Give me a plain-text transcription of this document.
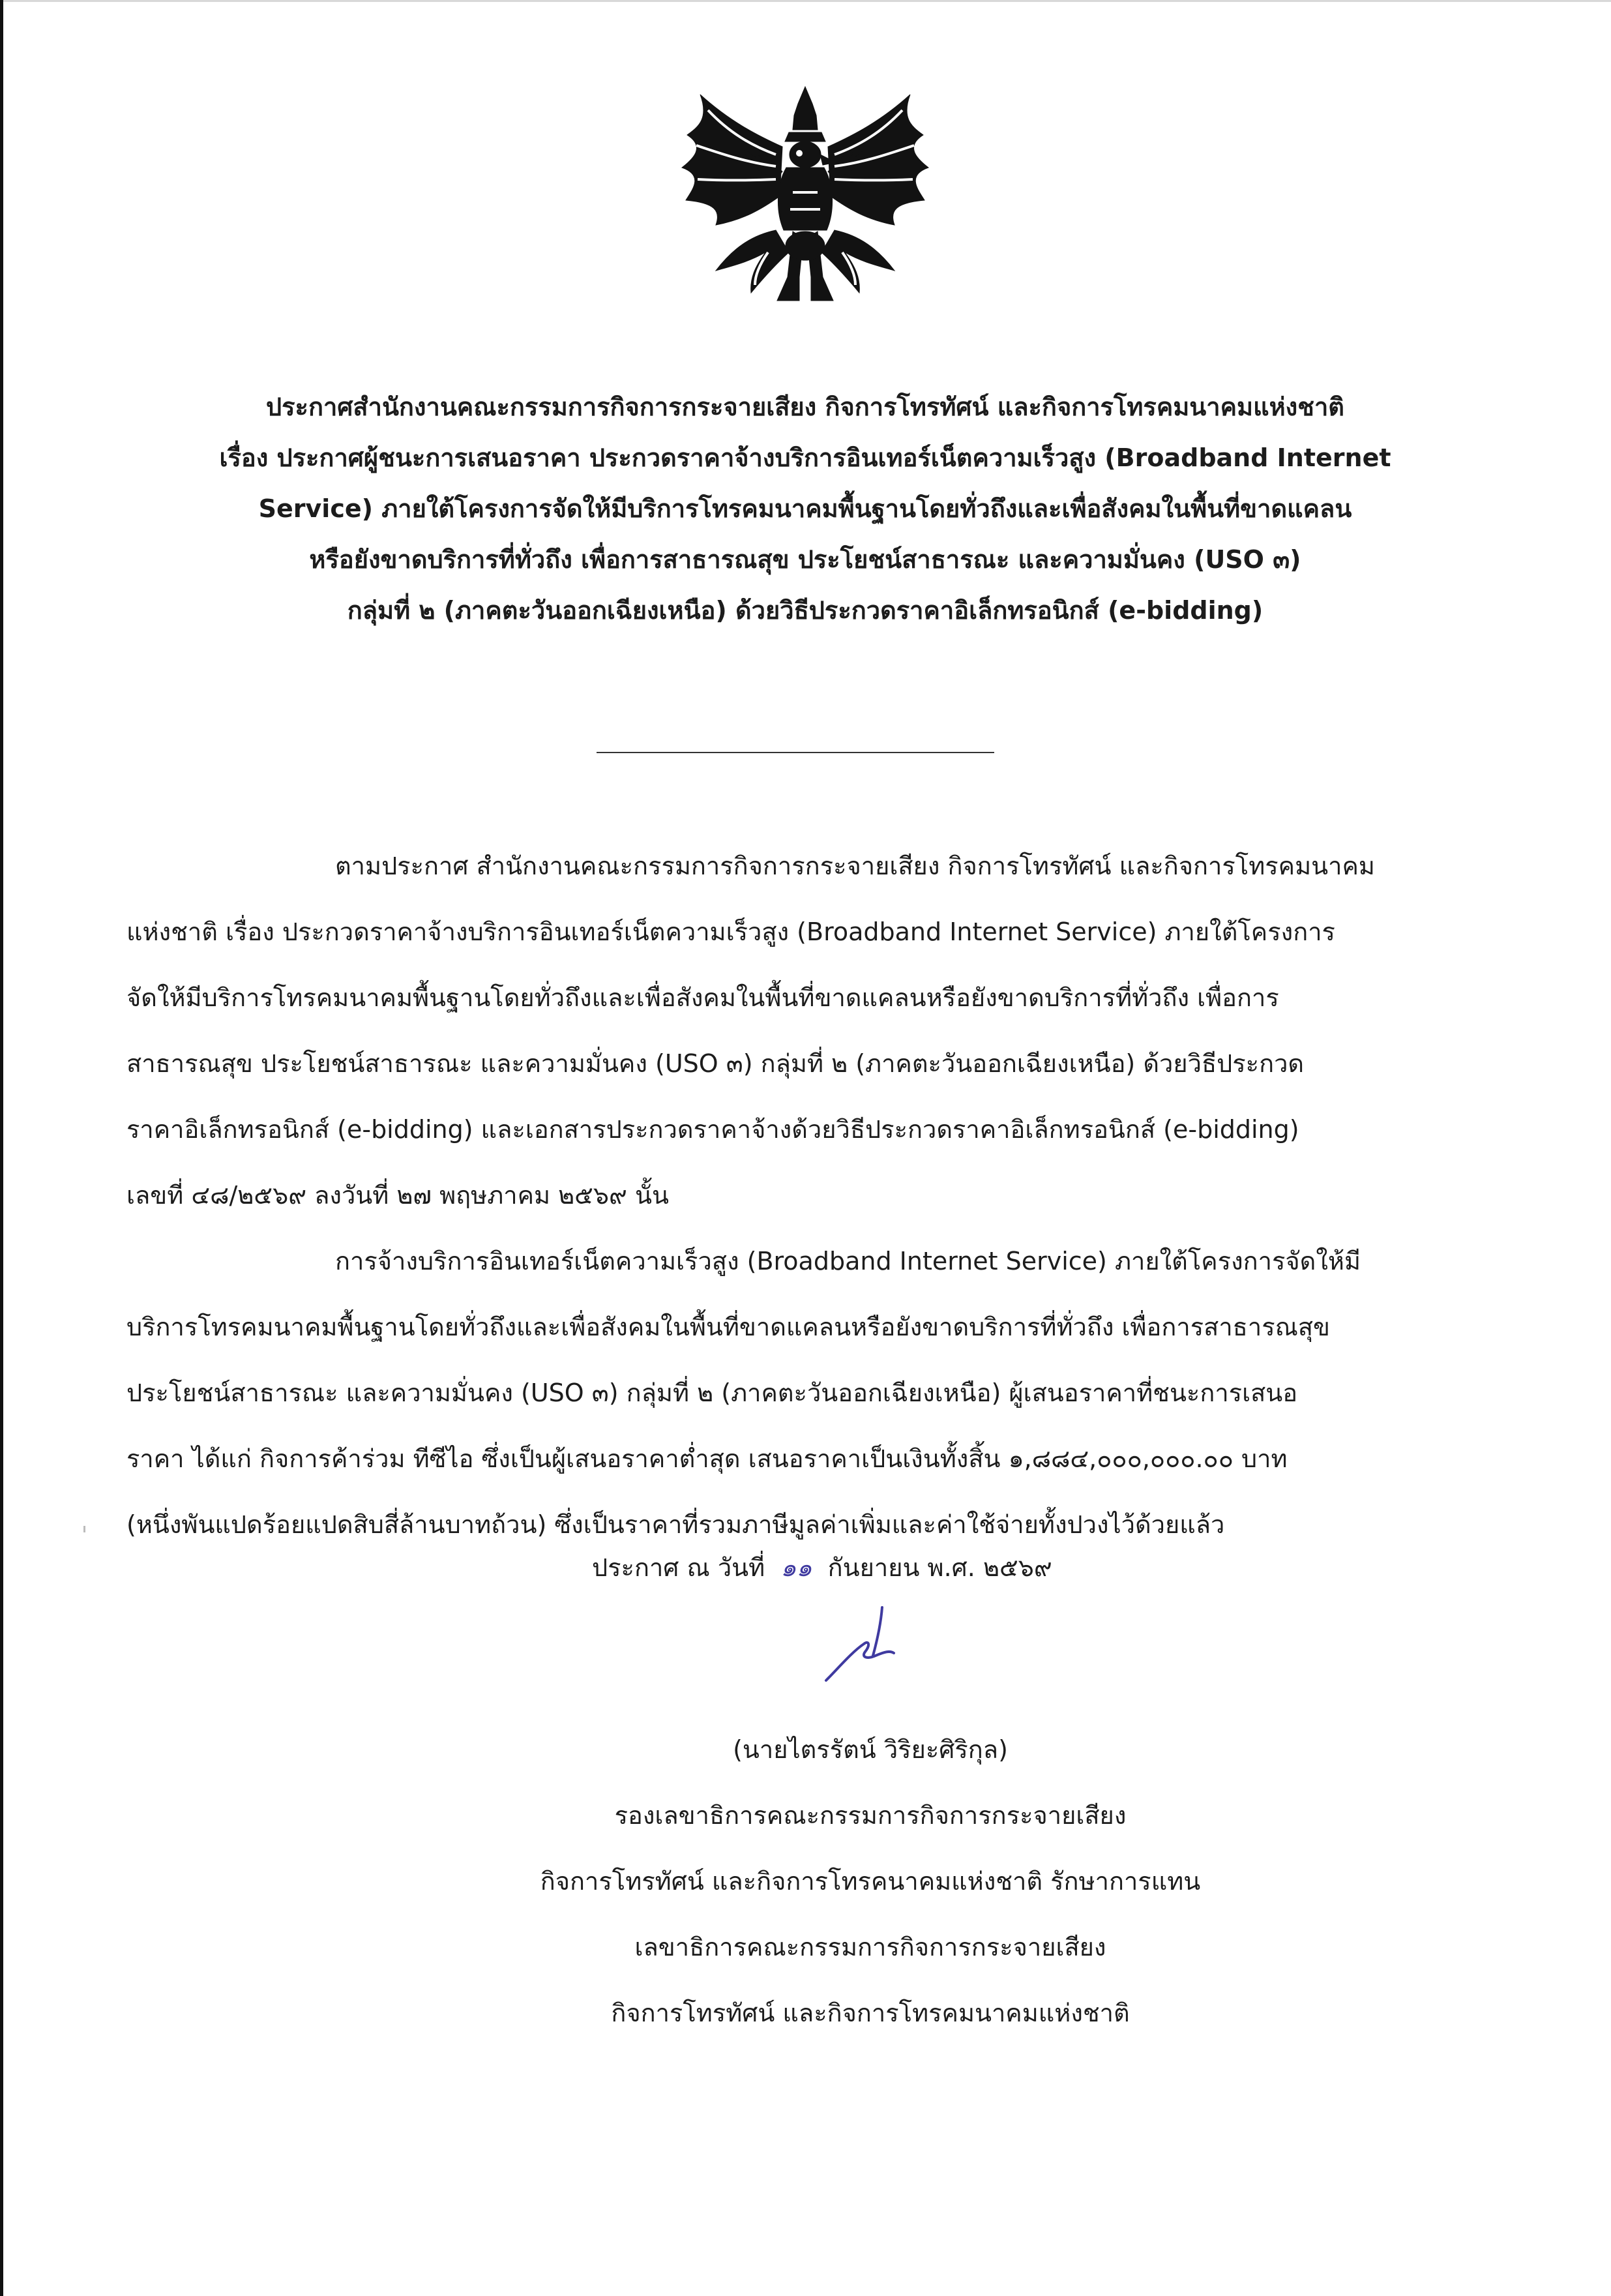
ประกาศสำนักงานคณะกรรมการกิจการกระจายเสียง กิจการโทรทัศน์ และกิจการโทรคมนาคมแห่งชาติ

เรื่อง ประกาศผู้ชนะการเสนอราคา ประกวดราคาจ้างบริการอินเทอร์เน็ตความเร็วสูง (Broadband Internet

Service) ภายใต้โครงการจัดให้มีบริการโทรคมนาคมพื้นฐานโดยทั่วถึงและเพื่อสังคมในพื้นที่ขาดแคลน

หรือยังขาดบริการที่ทั่วถึง เพื่อการสาธารณสุข ประโยชน์สาธารณะ และความมั่นคง (USO ๓)

กลุ่มที่ ๒ (ภาคตะวันออกเฉียงเหนือ) ด้วยวิธีประกวดราคาอิเล็กทรอนิกส์ (e-bidding)

ตามประกาศ สำนักงานคณะกรรมการกิจการกระจายเสียง กิจการโทรทัศน์ และกิจการโทรคมนาคม

แห่งชาติ เรื่อง ประกวดราคาจ้างบริการอินเทอร์เน็ตความเร็วสูง (Broadband Internet Service) ภายใต้โครงการ

จัดให้มีบริการโทรคมนาคมพื้นฐานโดยทั่วถึงและเพื่อสังคมในพื้นที่ขาดแคลนหรือยังขาดบริการที่ทั่วถึง เพื่อการ

สาธารณสุข ประโยชน์สาธารณะ และความมั่นคง (USO ๓) กลุ่มที่ ๒ (ภาคตะวันออกเฉียงเหนือ) ด้วยวิธีประกวด

ราคาอิเล็กทรอนิกส์ (e-bidding) และเอกสารประกวดราคาจ้างด้วยวิธีประกวดราคาอิเล็กทรอนิกส์ (e-bidding)

เลขที่ ๔๘/๒๕๖๙ ลงวันที่ ๒๗ พฤษภาคม ๒๕๖๙ นั้น

การจ้างบริการอินเทอร์เน็ตความเร็วสูง (Broadband Internet Service) ภายใต้โครงการจัดให้มี

บริการโทรคมนาคมพื้นฐานโดยทั่วถึงและเพื่อสังคมในพื้นที่ขาดแคลนหรือยังขาดบริการที่ทั่วถึง เพื่อการสาธารณสุข

ประโยชน์สาธารณะ และความมั่นคง (USO ๓) กลุ่มที่ ๒ (ภาคตะวันออกเฉียงเหนือ) ผู้เสนอราคาที่ชนะการเสนอ

ราคา ได้แก่ กิจการค้าร่วม ทีซีไอ ซึ่งเป็นผู้เสนอราคาต่ำสุด เสนอราคาเป็นเงินทั้งสิ้น ๑,๘๘๔,๐๐๐,๐๐๐.๐๐ บาท

(หนึ่งพันแปดร้อยแปดสิบสี่ล้านบาทถ้วน) ซึ่งเป็นราคาที่รวมภาษีมูลค่าเพิ่มและค่าใช้จ่ายทั้งปวงไว้ด้วยแล้ว

ประกาศ ณ วันที่ ๑๑ กันยายน พ.ศ. ๒๕๖๙

(นายไตรรัตน์ วิริยะศิริกุล)

รองเลขาธิการคณะกรรมการกิจการกระจายเสียง

กิจการโทรทัศน์ และกิจการโทรคนาคมแห่งชาติ รักษาการแทน

เลขาธิการคณะกรรมการกิจการกระจายเสียง

กิจการโทรทัศน์ และกิจการโทรคมนาคมแห่งชาติ
